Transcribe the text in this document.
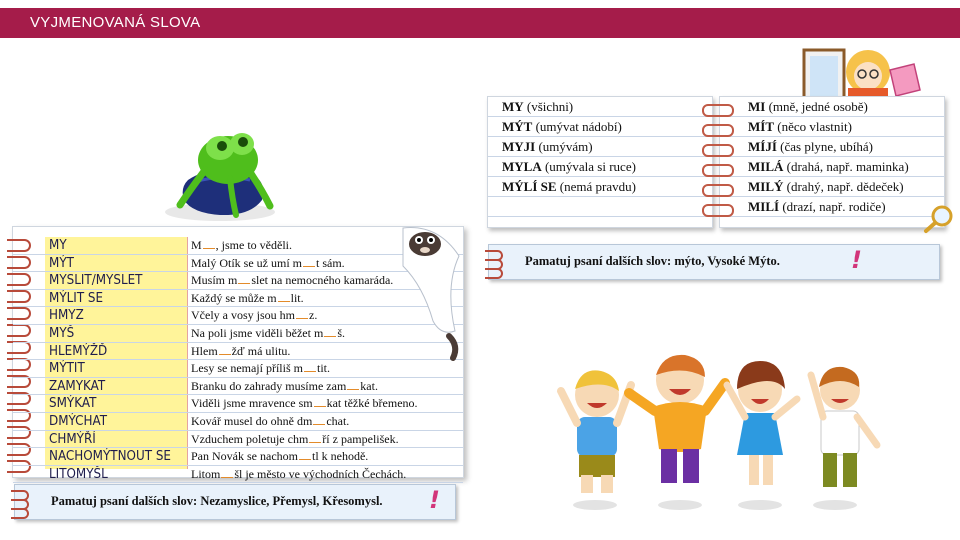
VYJMENOVANÁ SLOVA
MY (všichni)
MÝT (umývat nádobí)
MYJI (umývám)
MYLA (umývala si ruce)
MÝLÍ SE (nemá pravdu)
MI (mně, jedné osobě)
MÍT (něco vlastnit)
MÍJÍ (čas plyne, ubíhá)
MILÁ (drahá, např. maminka)
MILÝ (drahý, např. dědeček)
MILÍ (drazí, např. rodiče)
Pamatuj psaní dalších slov: mýto, Vysoké Mýto.	!
MY	M , jsme to věděli.
MÝT	Malý Otík se už umí m t sám.
MYSLIT/MYSLET	Musím m slet na nemocného kamaráda.
MÝLIT SE	Každý se může m lit.
HMYZ	Včely a vosy jsou hm z.
MYŠ	Na poli jsme viděli běžet m š.
HLEMÝŽĎ	Hlem žď má ulitu.
MÝTIT	Lesy se nemají příliš m tit.
ZAMYKAT	Branku do zahrady musíme zam kat.
SMÝKAT	Viděli jsme mravence sm kat těžké břemeno.
DMÝCHAT	Kovář musel do ohně dm chat.
CHMÝŘÍ	Vzduchem poletuje chm ří z pampelišek.
NACHOMÝTNOUT SE Pan Novák se nachom tl k nehodě.
LITOMYŠL	Litom šl je město ve východních Čechách.
Pamatuj psaní dalších slov: Nezamyslice, Přemysl, Křesomysl. !
